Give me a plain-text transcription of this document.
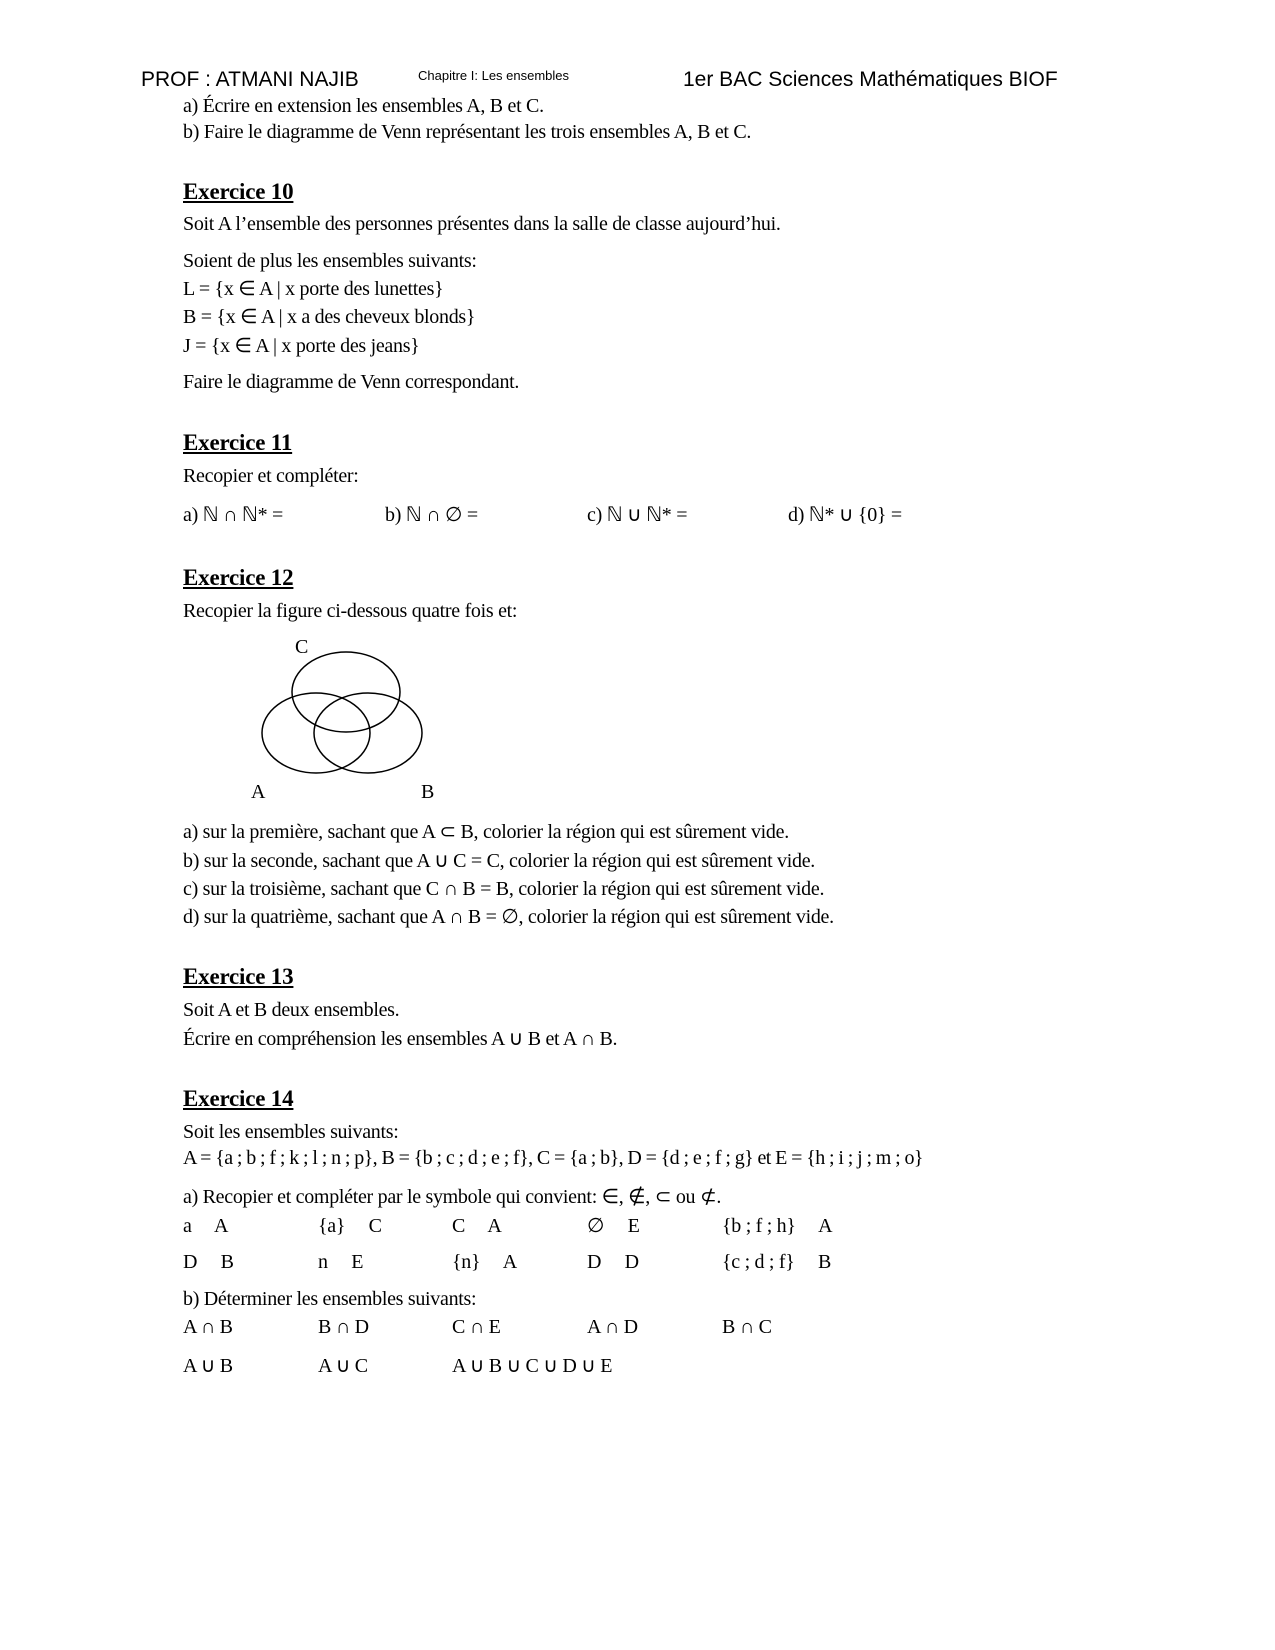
PROF : ATMANI NAJIB	Chapitre I: Les ensembles	1er BAC Sciences Mathématiques BIOF
a) Écrire en extension les ensembles A, B et C.
b) Faire le diagramme de Venn représentant les trois ensembles A, B et C.
Exercice 10
Soit A l’ensemble des personnes présentes dans la salle de classe aujourd’hui.
Soient de plus les ensembles suivants:
L = {x ∈ A | x porte des lunettes}
B = {x ∈ A | x a des cheveux blonds}
J = {x ∈ A | x porte des jeans}
Faire le diagramme de Venn correspondant.
Exercice 11
Recopier et compléter:
a) ℕ ∩ ℕ* =	b) ℕ ∩ ∅ =	c) ℕ ∪ ℕ* =	d) ℕ* ∪ {0} =
Exercice 12
Recopier la figure ci-dessous quatre fois et:
C
A	B
a) sur la première, sachant que A ⊂ B, colorier la région qui est sûrement vide.
b) sur la seconde, sachant que A ∪ C = C, colorier la région qui est sûrement vide.
c) sur la troisième, sachant que C ∩ B = B, colorier la région qui est sûrement vide.
d) sur la quatrième, sachant que A ∩ B = ∅, colorier la région qui est sûrement vide.
Exercice 13
Soit A et B deux ensembles.
Écrire en compréhension les ensembles A ∪ B et A ∩ B.
Exercice 14
Soit les ensembles suivants:
A = {a ; b ; f ; k ; l ; n ; p}, B = {b ; c ; d ; e ; f}, C = {a ; b}, D = {d ; e ; f ; g} et E = {h ; i ; j ; m ; o}
a) Recopier et compléter par le symbole qui convient: ∈, ∉, ⊂ ou ⊄.
a     A	{a}     C	C     A	∅     E	{b ; f ; h}     A
D     B	n     E	{n}     A	D     D	{c ; d ; f}     B
b) Déterminer les ensembles suivants:
A ∩ B	B ∩ D	C ∩ E	A ∩ D	B ∩ C
A ∪ B	A ∪ C	A ∪ B ∪ C ∪ D ∪ E
